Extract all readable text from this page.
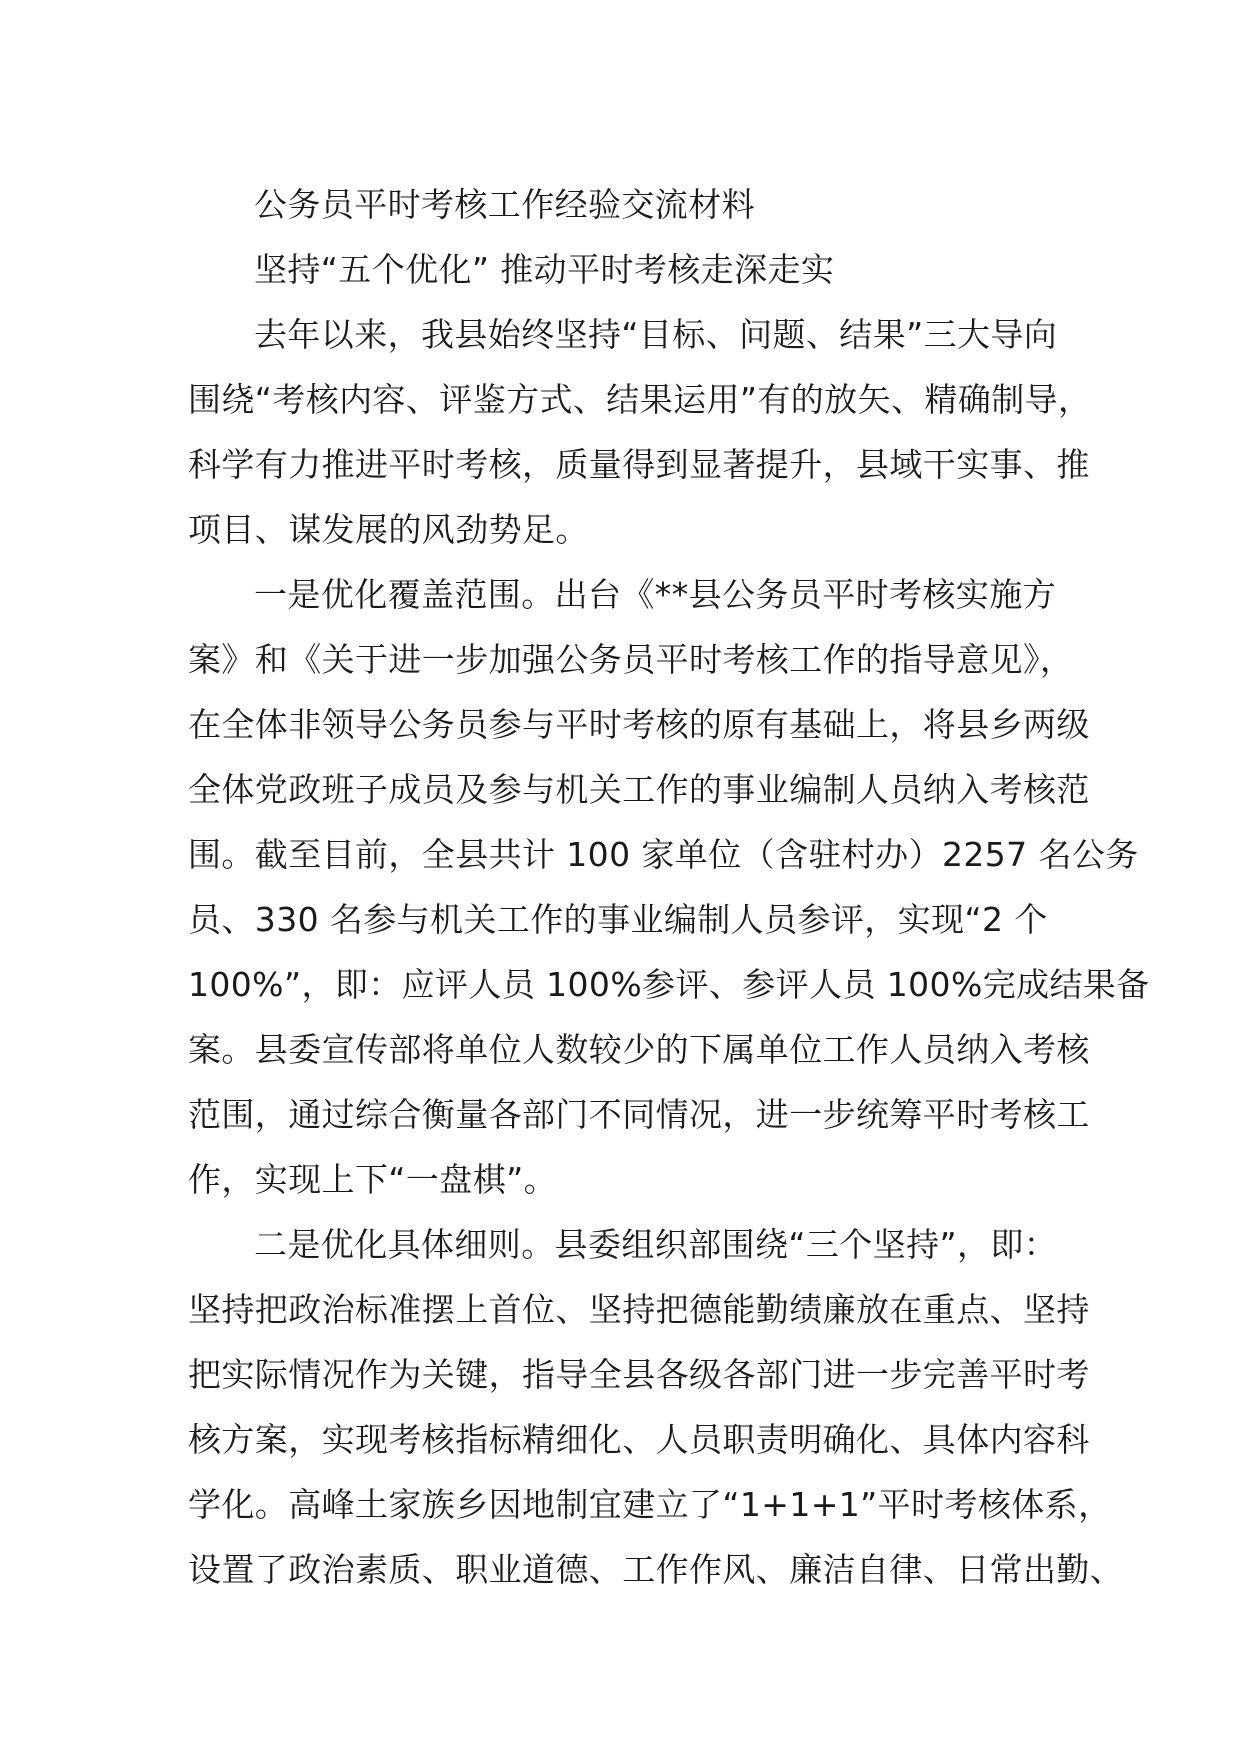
公务员平时考核工作经验交流材料
坚持“五个优化” 推动平时考核走深走实
去年以来，我县始终坚持“目标、问题、结果”三大导向
围绕“考核内容、评鉴方式、结果运用”有的放矢、精确制导，
科学有力推进平时考核，质量得到显著提升，县域干实事、推
项目、谋发展的风劲势足。
一是优化覆盖范围。出台《**县公务员平时考核实施方
案》和《关于进一步加强公务员平时考核工作的指导意见》，
在全体非领导公务员参与平时考核的原有基础上，将县乡两级
全体党政班子成员及参与机关工作的事业编制人员纳入考核范
围。截至目前，全县共计 100 家单位（含驻村办）2257 名公务
员、330 名参与机关工作的事业编制人员参评，实现“2 个
100%”，即：应评人员 100%参评、参评人员 100%完成结果备
案。县委宣传部将单位人数较少的下属单位工作人员纳入考核
范围，通过综合衡量各部门不同情况，进一步统筹平时考核工
作，实现上下“一盘棋”。
二是优化具体细则。县委组织部围绕“三个坚持”，即：
坚持把政治标准摆上首位、坚持把德能勤绩廉放在重点、坚持
把实际情况作为关键，指导全县各级各部门进一步完善平时考
核方案，实现考核指标精细化、人员职责明确化、具体内容科
学化。高峰土家族乡因地制宜建立了“1+1+1”平时考核体系，
设置了政治素质、职业道德、工作作风、廉洁自律、日常出勤、
